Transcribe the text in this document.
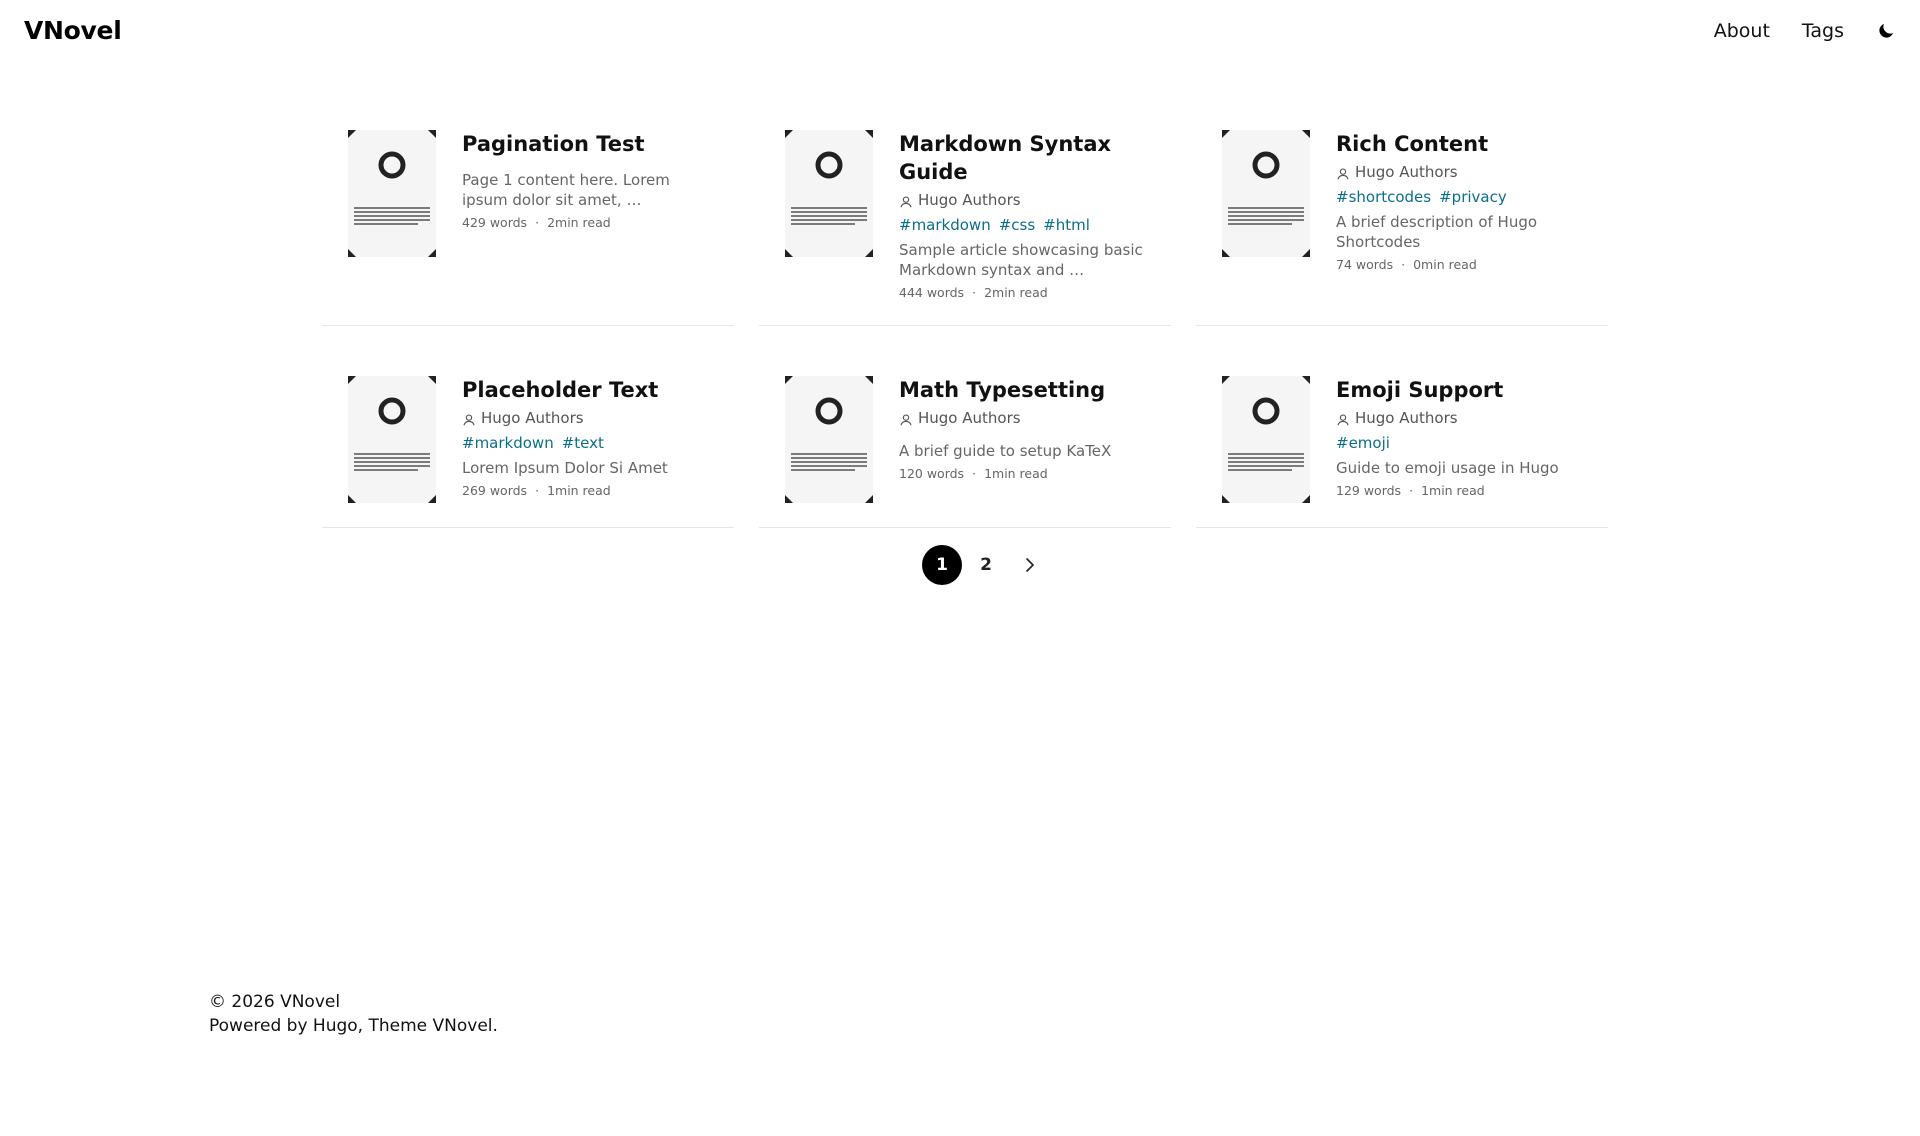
VNovel	About Tags
Pagination Test
Page 1 content here. Lorem ipsum dolor sit amet, …
429 words · 2min read
Markdown Syntax Guide
Hugo Authors
#markdown #css #html
Sample article showcasing basic Markdown syntax and …
444 words · 2min read
Rich Content
Hugo Authors
#shortcodes #privacy
A brief description of Hugo Shortcodes
74 words · 0min read
Placeholder Text
Hugo Authors
#markdown #text
Lorem Ipsum Dolor Si Amet
269 words · 1min read
Math Typesetting
Hugo Authors
A brief guide to setup KaTeX
120 words · 1min read
Emoji Support
Hugo Authors
#emoji
Guide to emoji usage in Hugo
129 words · 1min read
1	2
© 2026 VNovel
Powered by Hugo, Theme VNovel.
